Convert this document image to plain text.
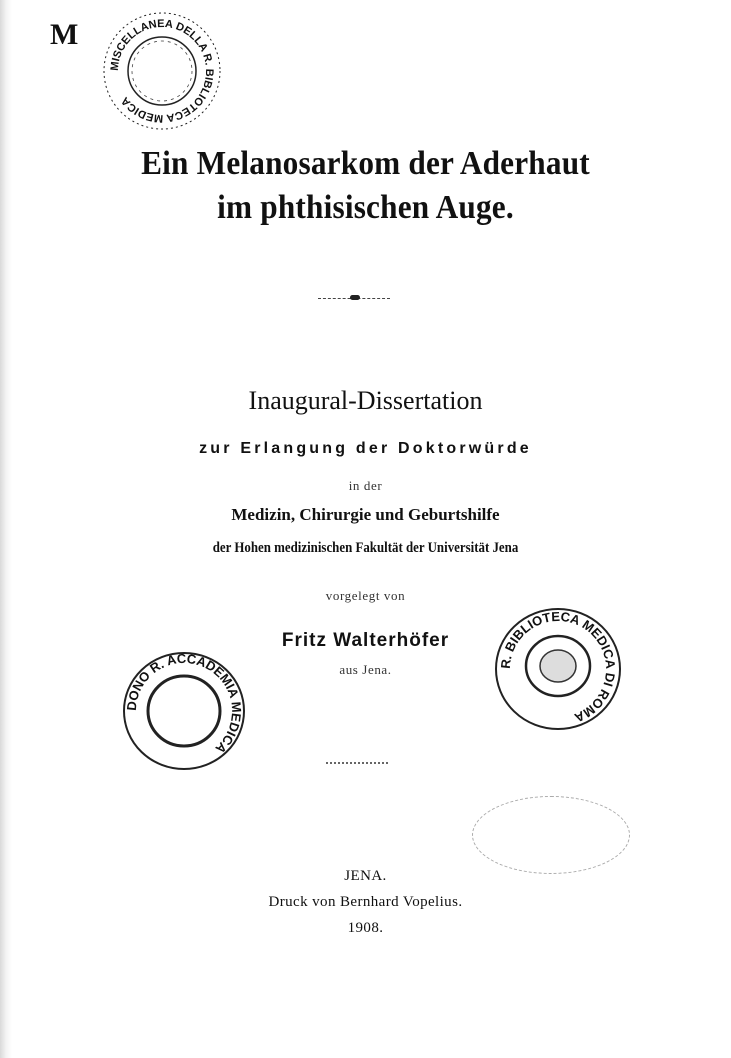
M
MISCELLANEA DELLA R. BIBLIOTECA MEDICA
Ein Melanosarkom der Aderhaut
im phthisischen Auge.
Inaugural-Dissertation
zur Erlangung der Doktorwürde
in der
Medizin, Chirurgie und Geburtshilfe
der Hohen medizinischen Fakultät der Universität Jena
vorgelegt von
Fritz Walterhöfer
aus Jena.
DONO R. ACCADEMIA MEDICA
R. BIBLIOTECA MEDICA DI ROMA
JENA.
Druck von Bernhard Vopelius.
1908.
